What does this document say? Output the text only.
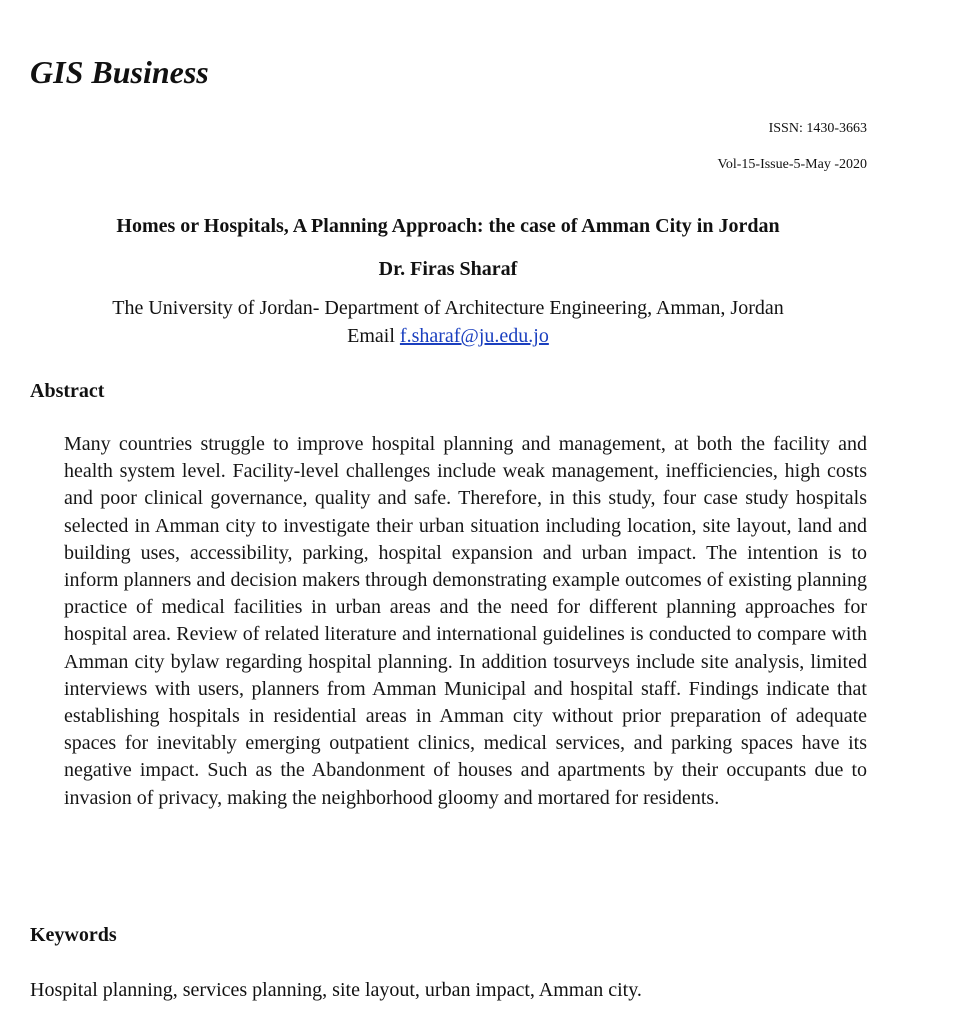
GIS Business
ISSN: 1430-3663
Vol-15-Issue-5-May -2020
Homes or Hospitals, A Planning Approach: the case of Amman City in Jordan
Dr. Firas Sharaf
The University of Jordan- Department of Architecture Engineering, Amman, Jordan
Email f.sharaf@ju.edu.jo
Abstract

Many countries struggle to improve hospital planning and management, at both the facility and health system level. Facility-level challenges include weak management, inefficiencies, high costs and poor clinical governance, quality and safe. Therefore, in this study, four case study hospitals selected in Amman city to investigate their urban situation including location, site layout, land and building uses, accessibility, parking, hospital expansion and urban impact. The intention is to inform planners and decision makers through demonstrating example outcomes of existing planning practice of medical facilities in urban areas and the need for different planning approaches for hospital area. Review of related literature and international guidelines is conducted to compare with Amman city bylaw regarding hospital planning. In addition tosurveys include site analysis, limited interviews with users, planners from Amman Municipal and hospital staff. Findings indicate that establishing hospitals in residential areas in Amman city without prior preparation of adequate spaces for inevitably emerging outpatient clinics, medical services, and parking spaces have its negative impact. Such as the Abandonment of houses and apartments by their occupants due to invasion of privacy, making the neighborhood gloomy and mortared for residents.

Keywords

Hospital planning, services planning, site layout, urban impact, Amman city.
